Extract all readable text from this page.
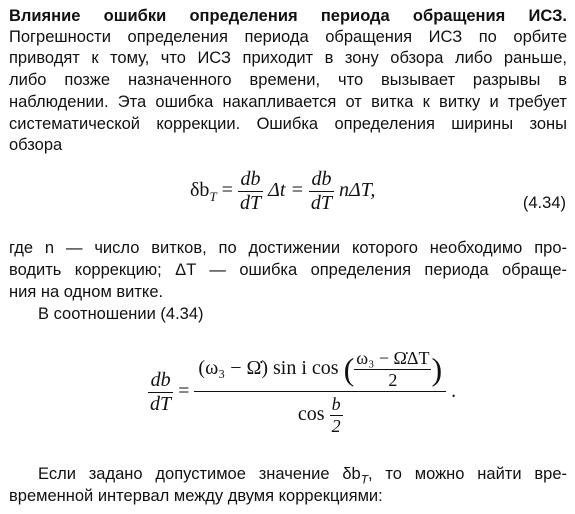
Влияние ошибки определения периода обращения ИСЗ.
Погрешности определения периода обращения ИСЗ по орбите
приводят к тому, что ИСЗ приходит в зону обзора либо раньше,
либо позже назначенного времени, что вызывает разрывы в
наблюдении. Эта ошибка накапливается от витка к витку и требует
систематической коррекции. Ошибка определения ширины зоны
обзора
$\delta b_T = \frac{db}{dT}$ $\Delta t = \frac{db}{dT} n\Delta T$,
(4.34)
где n — число витков, по достижении которого необходимо про-
водить коррекцию; ΔT — ошибка определения периода обраще-
ния на одном витке.
В соотношении (4.34)
$\frac{db}{dT}$ =
(ω₃ − Ω̇) sin i cos ( $\frac{\text{ω₃ − Ω̇ΔT}}{2}$ )
$\cos \frac{b}{2}$
.
Если задано допустимое значение $\delta b_T$, то можно найти вре-
временной интервал между двумя коррекциями:
